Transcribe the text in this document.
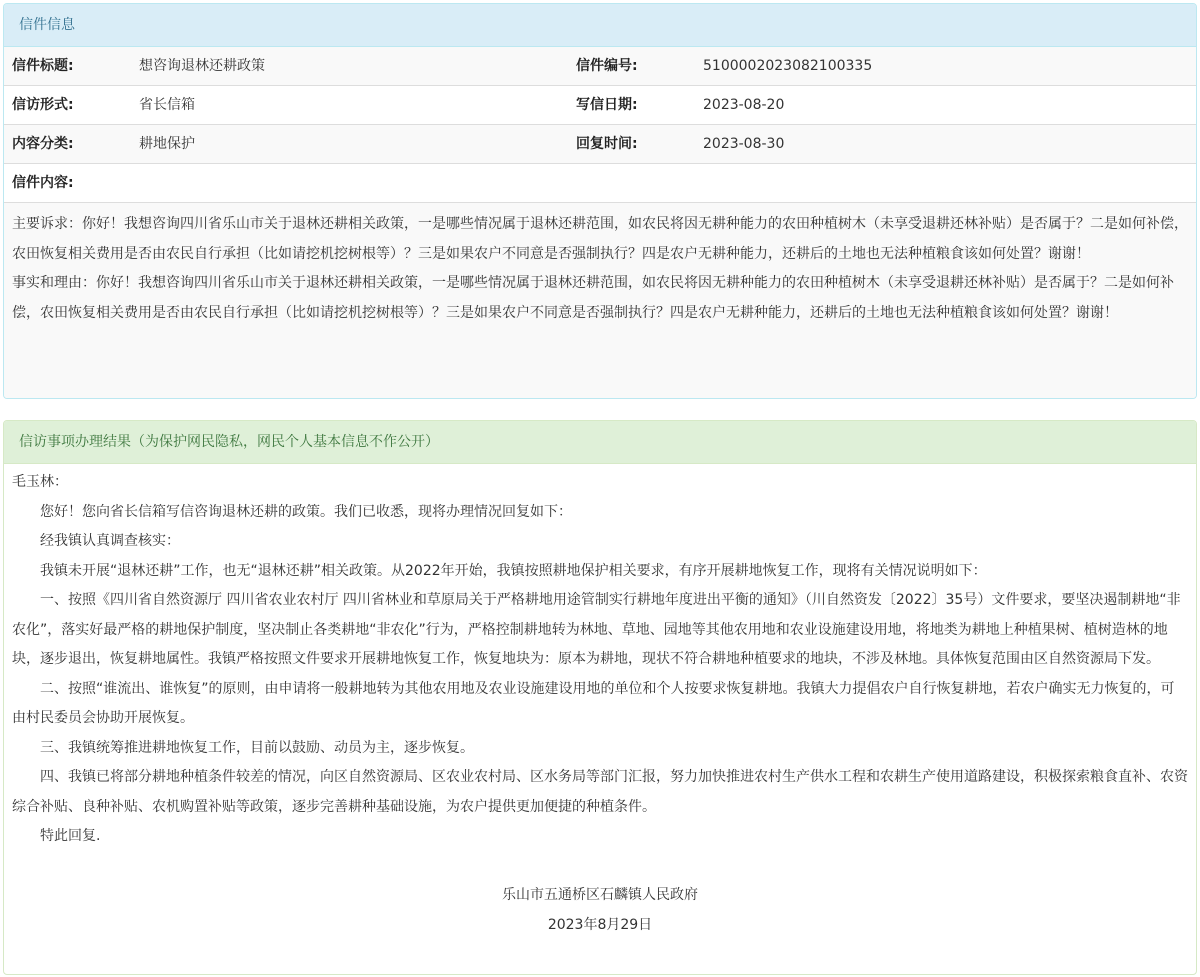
信件信息
信件标题:	想咨询退林还耕政策	信件编号:	5100002023082100335
信访形式:	省长信箱	写信日期:	2023-08-20
内容分类:	耕地保护	回复时间:	2023-08-30
信件内容:

主要诉求：你好！我想咨询四川省乐山市关于退林还耕相关政策，一是哪些情况属于退林还耕范围，如农民将因无耕种能力的农田种植树木（未享受退耕还林补贴）是否属于？二是如何补偿，农田恢复相关费用是否由农民自行承担（比如请挖机挖树根等）？三是如果农户不同意是否强制执行？四是农户无耕种能力，还耕后的土地也无法种植粮食该如何处置？谢谢！

事实和理由：你好！我想咨询四川省乐山市关于退林还耕相关政策，一是哪些情况属于退林还耕范围，如农民将因无耕种能力的农田种植树木（未享受退耕还林补贴）是否属于？二是如何补偿，农田恢复相关费用是否由农民自行承担（比如请挖机挖树根等）？三是如果农户不同意是否强制执行？四是农户无耕种能力，还耕后的土地也无法种植粮食该如何处置？谢谢！

信访事项办理结果（为保护网民隐私，网民个人基本信息不作公开）

毛玉林：

您好！您向省长信箱写信咨询退林还耕的政策。我们已收悉，现将办理情况回复如下：

经我镇认真调查核实：

我镇未开展“退林还耕”工作，也无“退林还耕”相关政策。从2022年开始，我镇按照耕地保护相关要求，有序开展耕地恢复工作，现将有关情况说明如下：

一、按照《四川省自然资源厅 四川省农业农村厅 四川省林业和草原局关于严格耕地用途管制实行耕地年度进出平衡的通知》（川自然资发〔2022〕35号）文件要求，要坚决遏制耕地“非农化”，落实好最严格的耕地保护制度，坚决制止各类耕地“非农化”行为，严格控制耕地转为林地、草地、园地等其他农用地和农业设施建设用地，将地类为耕地上种植果树、植树造林的地块，逐步退出，恢复耕地属性。我镇严格按照文件要求开展耕地恢复工作，恢复地块为：原本为耕地，现状不符合耕地种植要求的地块，不涉及林地。具体恢复范围由区自然资源局下发。

二、按照“谁流出、谁恢复”的原则，由申请将一般耕地转为其他农用地及农业设施建设用地的单位和个人按要求恢复耕地。我镇大力提倡农户自行恢复耕地，若农户确实无力恢复的，可由村民委员会协助开展恢复。

三、我镇统筹推进耕地恢复工作，目前以鼓励、动员为主，逐步恢复。

四、我镇已将部分耕地种植条件较差的情况，向区自然资源局、区农业农村局、区水务局等部门汇报，努力加快推进农村生产供水工程和农耕生产使用道路建设，积极探索粮食直补、农资综合补贴、良种补贴、农机购置补贴等政策，逐步完善耕种基础设施，为农户提供更加便捷的种植条件。

特此回复.

乐山市五通桥区石麟镇人民政府

2023年8月29日
